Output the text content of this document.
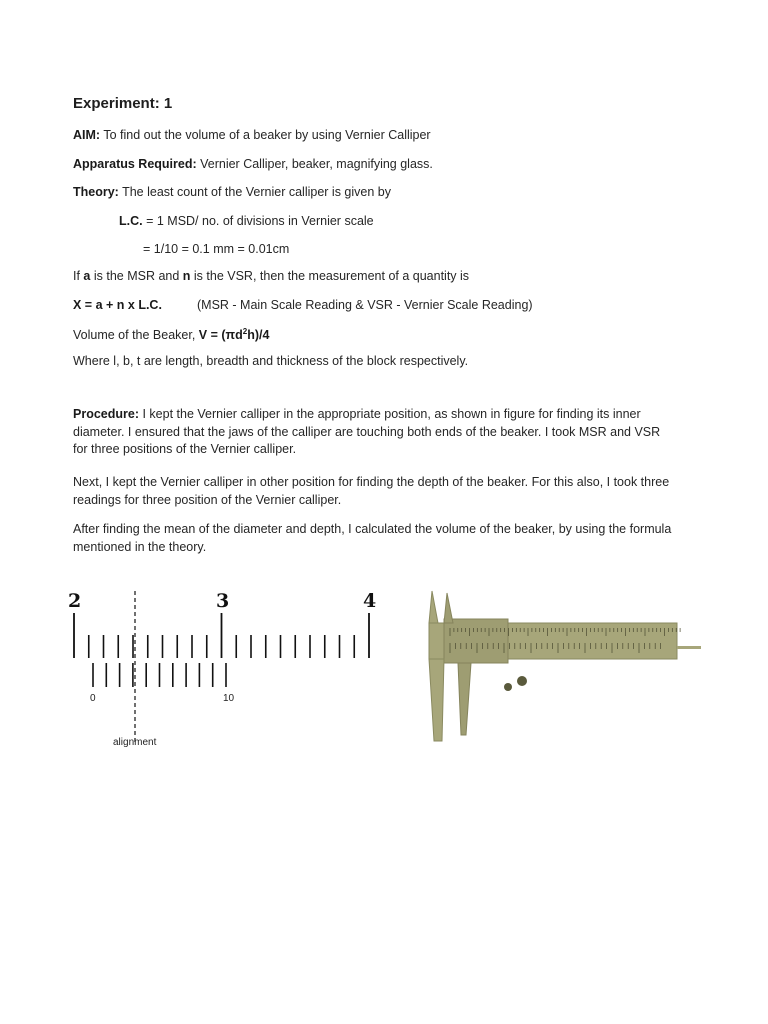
Experiment: 1
AIM: To find out the volume of a beaker by using Vernier Calliper
Apparatus Required: Vernier Calliper, beaker, magnifying glass.
Theory: The least count of the Vernier calliper is given by
L.C. = 1 MSD/ no. of divisions in Vernier scale
= 1/10 = 0.1 mm = 0.01cm
If a is the MSR and n is the VSR, then the measurement of a quantity is
X = a + n x L.C.	(MSR - Main Scale Reading & VSR - Vernier Scale Reading)
Volume of the Beaker, $V = (\pi d^2h)/4$
Where l, b, t are length, breadth and thickness of the block respectively.
Procedure: I kept the Vernier calliper in the appropriate position, as shown in figure for finding its inner diameter. I ensured that the jaws of the calliper are touching both ends of the beaker. I took MSR and VSR for three positions of the Vernier calliper.
Next, I kept the Vernier calliper in other position for finding the depth of the beaker. For this also, I took three readings for three position of the Vernier calliper.
After finding the mean of the diameter and depth, I calculated the volume of the beaker, by using the formula mentioned in the theory.
2	3	4
0	10
alignment
